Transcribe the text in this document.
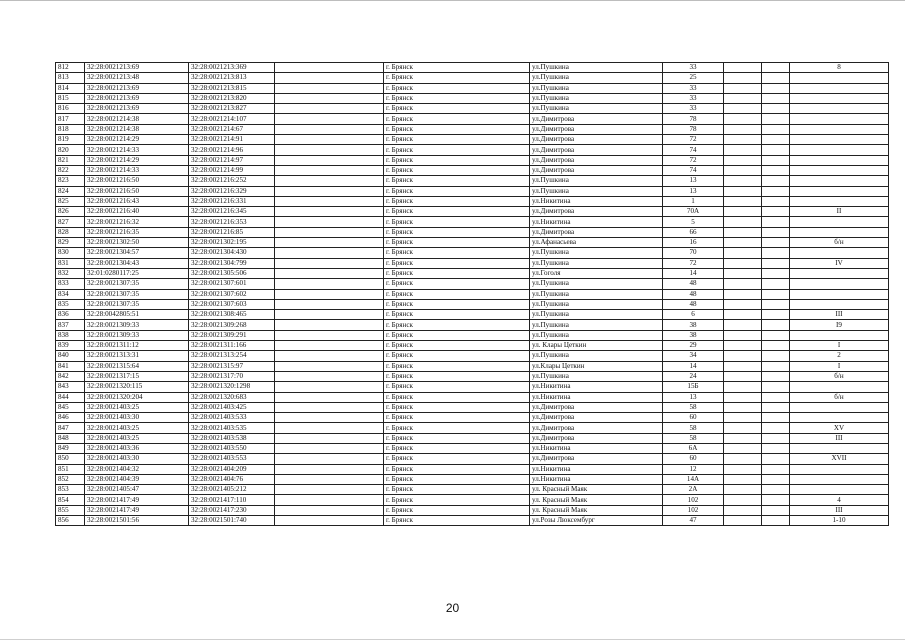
812	32:28:0021213:69	32:28:0021213:369		г. Брянск	ул.Пушкина	33			8
813	32:28:0021213:48	32:28:0021213:813		г. Брянск	ул.Пушкина	25			
814	32:28:0021213:69	32:28:0021213:815		г. Брянск	ул.Пушкина	33			
815	32:28:0021213:69	32:28:0021213:820		г. Брянск	ул.Пушкина	33			
816	32:28:0021213:69	32:28:0021213:827		г. Брянск	ул.Пушкина	33			
817	32:28:0021214:38	32:28:0021214:107		г. Брянск	ул.Димитрова	78			
818	32:28:0021214:38	32:28:0021214:67		г. Брянск	ул.Димитрова	78			
819	32:28:0021214:29	32:28:0021214:91		г. Брянск	ул.Димитрова	72			
820	32:28:0021214:33	32:28:0021214:96		г. Брянск	ул.Димитрова	74			
821	32:28:0021214:29	32:28:0021214:97		г. Брянск	ул.Димитрова	72			
822	32:28:0021214:33	32:28:0021214:99		г. Брянск	ул.Димитрова	74			
823	32:28:0021216:50	32:28:0021216:252		г. Брянск	ул.Пушкина	13			
824	32:28:0021216:50	32:28:0021216:329		г. Брянск	ул.Пушкина	13			
825	32:28:0021216:43	32:28:0021216:331		г. Брянск	ул.Никитина	1			
826	32:28:0021216:40	32:28:0021216:345		г. Брянск	ул.Димитрова	70А			II
827	32:28:0021216:32	32:28:0021216:353		г. Брянск	ул.Никитина	5			
828	32:28:0021216:35	32:28:0021216:85		г. Брянск	ул.Димитрова	66			
829	32:28:0021302:50	32:28:0021302:195		г. Брянск	ул.Афанасьева	16			б/н
830	32:28:0021304:57	32:28:0021304:430		г. Брянск	ул.Пушкина	70			
831	32:28:0021304:43	32:28:0021304:799		г. Брянск	ул.Пушкина	72			IV
832	32:01:0280117:25	32:28:0021305:506		г. Брянск	ул.Гоголя	14			
833	32:28:0021307:35	32:28:0021307:601		г. Брянск	ул.Пушкина	48			
834	32:28:0021307:35	32:28:0021307:602		г. Брянск	ул.Пушкина	48			
835	32:28:0021307:35	32:28:0021307:603		г. Брянск	ул.Пушкина	48			
836	32:28:0042805:51	32:28:0021308:465		г. Брянск	ул.Пушкина	6			III
837	32:28:0021309:33	32:28:0021309:268		г. Брянск	ул.Пушкина	38			I9
838	32:28:0021309:33	32:28:0021309:291		г. Брянск	ул.Пушкина	38			
839	32:28:0021311:12	32:28:0021311:166		г. Брянск	ул. Клары Цеткин	29			I
840	32:28:0021313:31	32:28:0021313:254		г. Брянск	ул.Пушкина	34			2
841	32:28:0021315:64	32:28:0021315:97		г. Брянск	ул.Клары Цеткин	14			I
842	32:28:0021317:15	32:28:0021317:70		г. Брянск	ул.Пушкина	24			б/н
843	32:28:0021320:115	32:28:0021320:1298		г. Брянск	ул.Никитина	15Б			
844	32:28:0021320:204	32:28:0021320:683		г. Брянск	ул.Никитина	13			б/н
845	32:28:0021403:25	32:28:0021403:425		г. Брянск	ул.Димитрова	58			
846	32:28:0021403:30	32:28:0021403:533		г. Брянск	ул.Димитрова	60			
847	32:28:0021403:25	32:28:0021403:535		г. Брянск	ул.Димитрова	58			XV
848	32:28:0021403:25	32:28:0021403:538		г. Брянск	ул.Димитрова	58			III
849	32:28:0021403:36	32:28:0021403:550		г. Брянск	ул.Никитина	6А			
850	32:28:0021403:30	32:28:0021403:553		г. Брянск	ул.Димитрова	60			XVII
851	32:28:0021404:32	32:28:0021404:209		г. Брянск	ул.Никитина	12			
852	32:28:0021404:39	32:28:0021404:76		г. Брянск	ул.Никитина	14А			
853	32:28:0021405:47	32:28:0021405:212		г. Брянск	ул. Красный Маяк	2А			
854	32:28:0021417:49	32:28:0021417:110		г. Брянск	ул. Красный Маяк	102			4
855	32:28:0021417:49	32:28:0021417:230		г. Брянск	ул. Красный Маяк	102			III
856	32:28:0021501:56	32:28:0021501:740		г. Брянск	ул.Розы Люксембург	47			1-10
20
